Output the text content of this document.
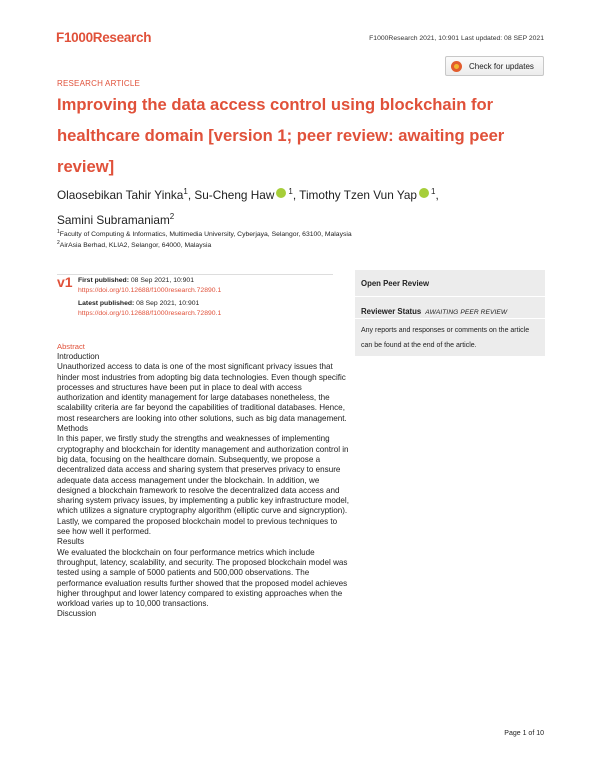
F1000Research	F1000Research 2021, 10:901 Last updated: 08 SEP 2021
Check for updates
RESEARCH ARTICLE
Improving the data access control using blockchain for healthcare domain [version 1; peer review: awaiting peer review]
Olaosebikan Tahir Yinka$^1$, Su-Cheng Haw $^1$, Timothy Tzen Vun Yap $^1$,
Samini Subramaniam$^2$
$^1$Faculty of Computing & Informatics, Multimedia University, Cyberjaya, Selangor, 63100, Malaysia
$^2$AirAsia Berhad, KLIA2, Selangor, 64000, Malaysia
v1 First published: 08 Sep 2021, 10:901
https://doi.org/10.12688/f1000research.72890.1
Latest published: 08 Sep 2021, 10:901
https://doi.org/10.12688/f1000research.72890.1
Open Peer Review
Reviewer Status AWAITING PEER REVIEW
Any reports and responses or comments on the article can be found at the end of the article.
Abstract

Introduction

Unauthorized access to data is one of the most significant privacy issues that hinder most industries from adopting big data technologies. Even though specific processes and structures have been put in place to deal with access authorization and identity management for large databases nonetheless, the scalability criteria are far beyond the capabilities of traditional databases. Hence, most researchers are looking into other solutions, such as big data management.

Methods

In this paper, we firstly study the strengths and weaknesses of implementing cryptography and blockchain for identity management and authorization control in big data, focusing on the healthcare domain. Subsequently, we propose a decentralized data access and sharing system that preserves privacy to ensure adequate data access management under the blockchain. In addition, we designed a blockchain framework to resolve the decentralized data access and sharing system privacy issues, by implementing a public key infrastructure model, which utilizes a signature cryptography algorithm (elliptic curve and signcryption). Lastly, we compared the proposed blockchain model to previous techniques to see how well it performed.

Results

We evaluated the blockchain on four performance metrics which include throughput, latency, scalability, and security. The proposed blockchain model was tested using a sample of 5000 patients and 500,000 observations. The performance evaluation results further showed that the proposed model achieves higher throughput and lower latency compared to existing approaches when the workload varies up to 10,000 transactions.

Discussion

Page 1 of 10
